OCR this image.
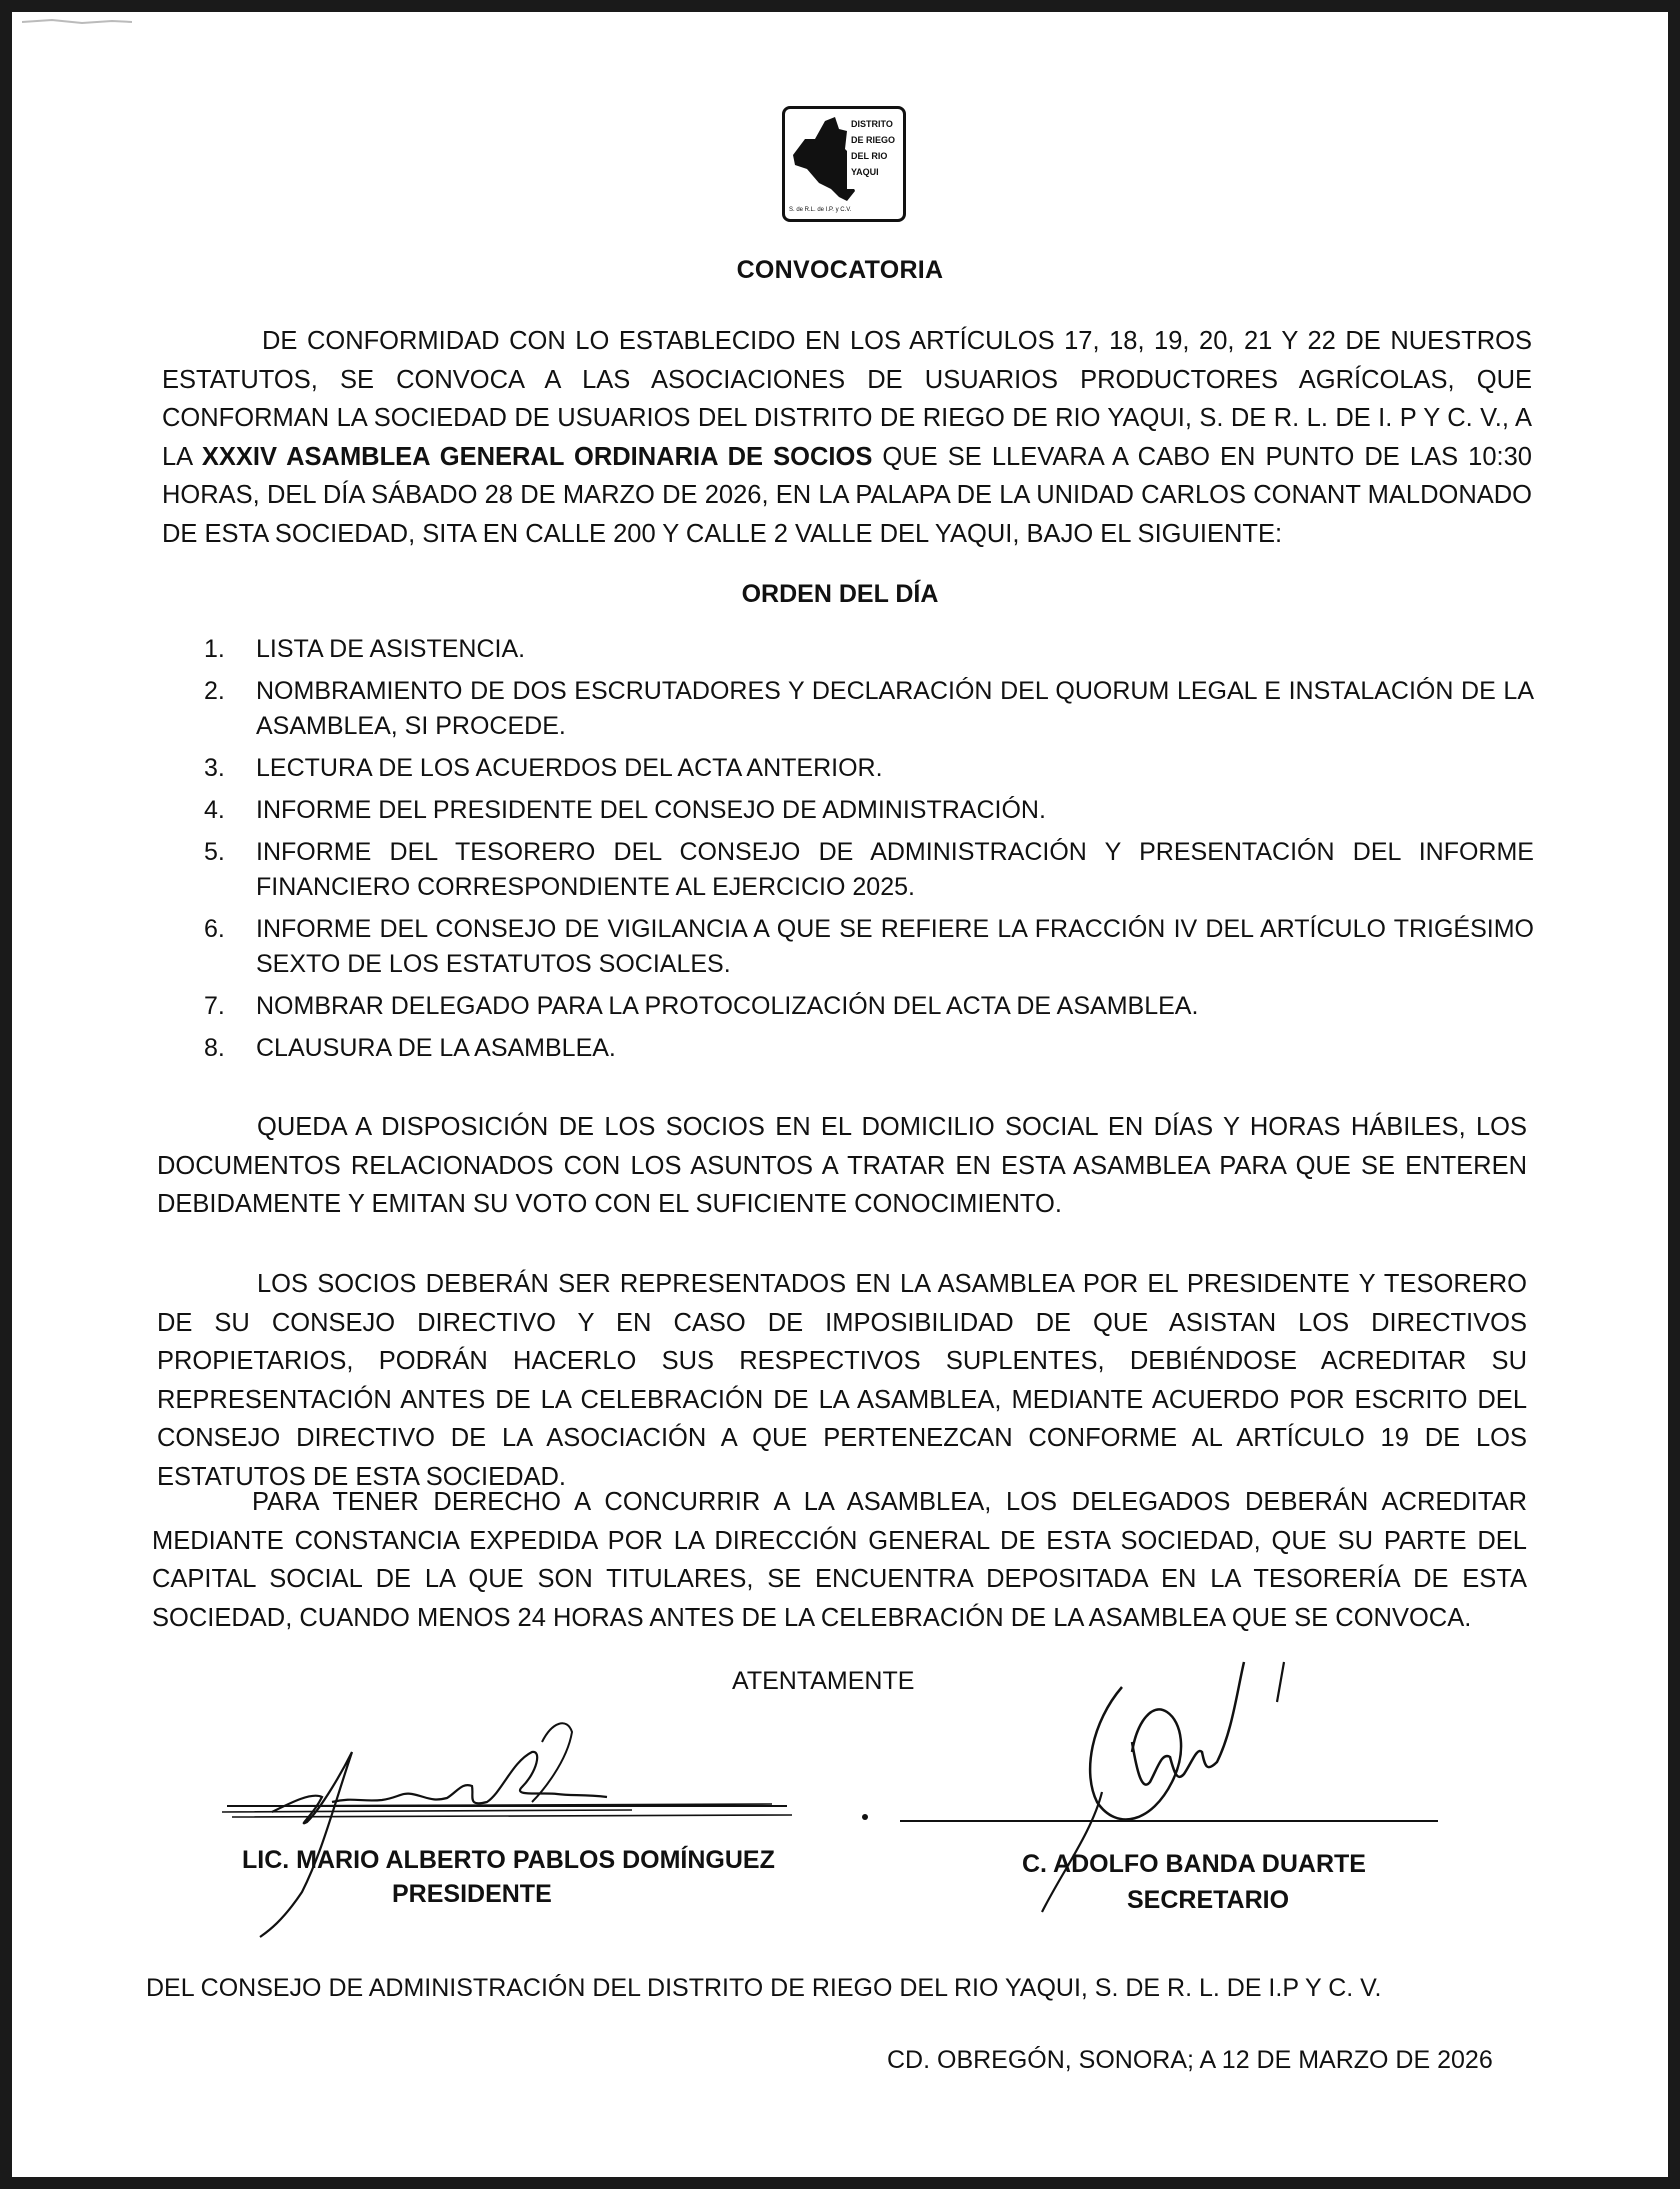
DISTRITO
DE RIEGO
DEL RIO
YAQUI
S. de R.L. de I.P. y C.V.
CONVOCATORIA
DE CONFORMIDAD CON LO ESTABLECIDO EN LOS ARTÍCULOS 17, 18, 19, 20, 21 Y 22 DE NUESTROS ESTATUTOS, SE CONVOCA A LAS ASOCIACIONES DE USUARIOS PRODUCTORES AGRÍCOLAS, QUE CONFORMAN LA SOCIEDAD DE USUARIOS DEL DISTRITO DE RIEGO DE RIO YAQUI, S. DE R. L. DE I. P Y C. V., A LA XXXIV ASAMBLEA GENERAL ORDINARIA DE SOCIOS QUE SE LLEVARA A CABO EN PUNTO DE LAS 10:30 HORAS, DEL DÍA SÁBADO 28 DE MARZO DE 2026, EN LA PALAPA DE LA UNIDAD CARLOS CONANT MALDONADO DE ESTA SOCIEDAD, SITA EN CALLE 200 Y CALLE 2 VALLE DEL YAQUI, BAJO EL SIGUIENTE:
ORDEN DEL DÍA
1. LISTA DE ASISTENCIA.
2. NOMBRAMIENTO DE DOS ESCRUTADORES Y DECLARACIÓN DEL QUORUM LEGAL E INSTALACIÓN DE LA ASAMBLEA, SI PROCEDE.
3. LECTURA DE LOS ACUERDOS DEL ACTA ANTERIOR.
4. INFORME DEL PRESIDENTE DEL CONSEJO DE ADMINISTRACIÓN.
5. INFORME DEL TESORERO DEL CONSEJO DE ADMINISTRACIÓN Y PRESENTACIÓN DEL INFORME FINANCIERO CORRESPONDIENTE AL EJERCICIO 2025.
6. INFORME DEL CONSEJO DE VIGILANCIA A QUE SE REFIERE LA FRACCIÓN IV DEL ARTÍCULO TRIGÉSIMO SEXTO DE LOS ESTATUTOS SOCIALES.
7. NOMBRAR DELEGADO PARA LA PROTOCOLIZACIÓN DEL ACTA DE ASAMBLEA.
8. CLAUSURA DE LA ASAMBLEA.
QUEDA A DISPOSICIÓN DE LOS SOCIOS EN EL DOMICILIO SOCIAL EN DÍAS Y HORAS HÁBILES, LOS DOCUMENTOS RELACIONADOS CON LOS ASUNTOS A TRATAR EN ESTA ASAMBLEA PARA QUE SE ENTEREN DEBIDAMENTE Y EMITAN SU VOTO CON EL SUFICIENTE CONOCIMIENTO.
LOS SOCIOS DEBERÁN SER REPRESENTADOS EN LA ASAMBLEA POR EL PRESIDENTE Y TESORERO DE SU CONSEJO DIRECTIVO Y EN CASO DE IMPOSIBILIDAD DE QUE ASISTAN LOS DIRECTIVOS PROPIETARIOS, PODRÁN HACERLO SUS RESPECTIVOS SUPLENTES, DEBIÉNDOSE ACREDITAR SU REPRESENTACIÓN ANTES DE LA CELEBRACIÓN DE LA ASAMBLEA, MEDIANTE ACUERDO POR ESCRITO DEL CONSEJO DIRECTIVO DE LA ASOCIACIÓN A QUE PERTENEZCAN CONFORME AL ARTÍCULO 19 DE LOS ESTATUTOS DE ESTA SOCIEDAD.
PARA TENER DERECHO A CONCURRIR A LA ASAMBLEA, LOS DELEGADOS DEBERÁN ACREDITAR MEDIANTE CONSTANCIA EXPEDIDA POR LA DIRECCIÓN GENERAL DE ESTA SOCIEDAD, QUE SU PARTE DEL CAPITAL SOCIAL DE LA QUE SON TITULARES, SE ENCUENTRA DEPOSITADA EN LA TESORERÍA DE ESTA SOCIEDAD, CUANDO MENOS 24 HORAS ANTES DE LA CELEBRACIÓN DE LA ASAMBLEA QUE SE CONVOCA.
ATENTAMENTE
LIC. MARIO ALBERTO PABLOS DOMÍNGUEZ
PRESIDENTE
C. ADOLFO BANDA DUARTE
SECRETARIO
DEL CONSEJO DE ADMINISTRACIÓN DEL DISTRITO DE RIEGO DEL RIO YAQUI, S. DE R. L. DE I.P Y C. V.
CD. OBREGÓN, SONORA; A 12 DE MARZO DE 2026
